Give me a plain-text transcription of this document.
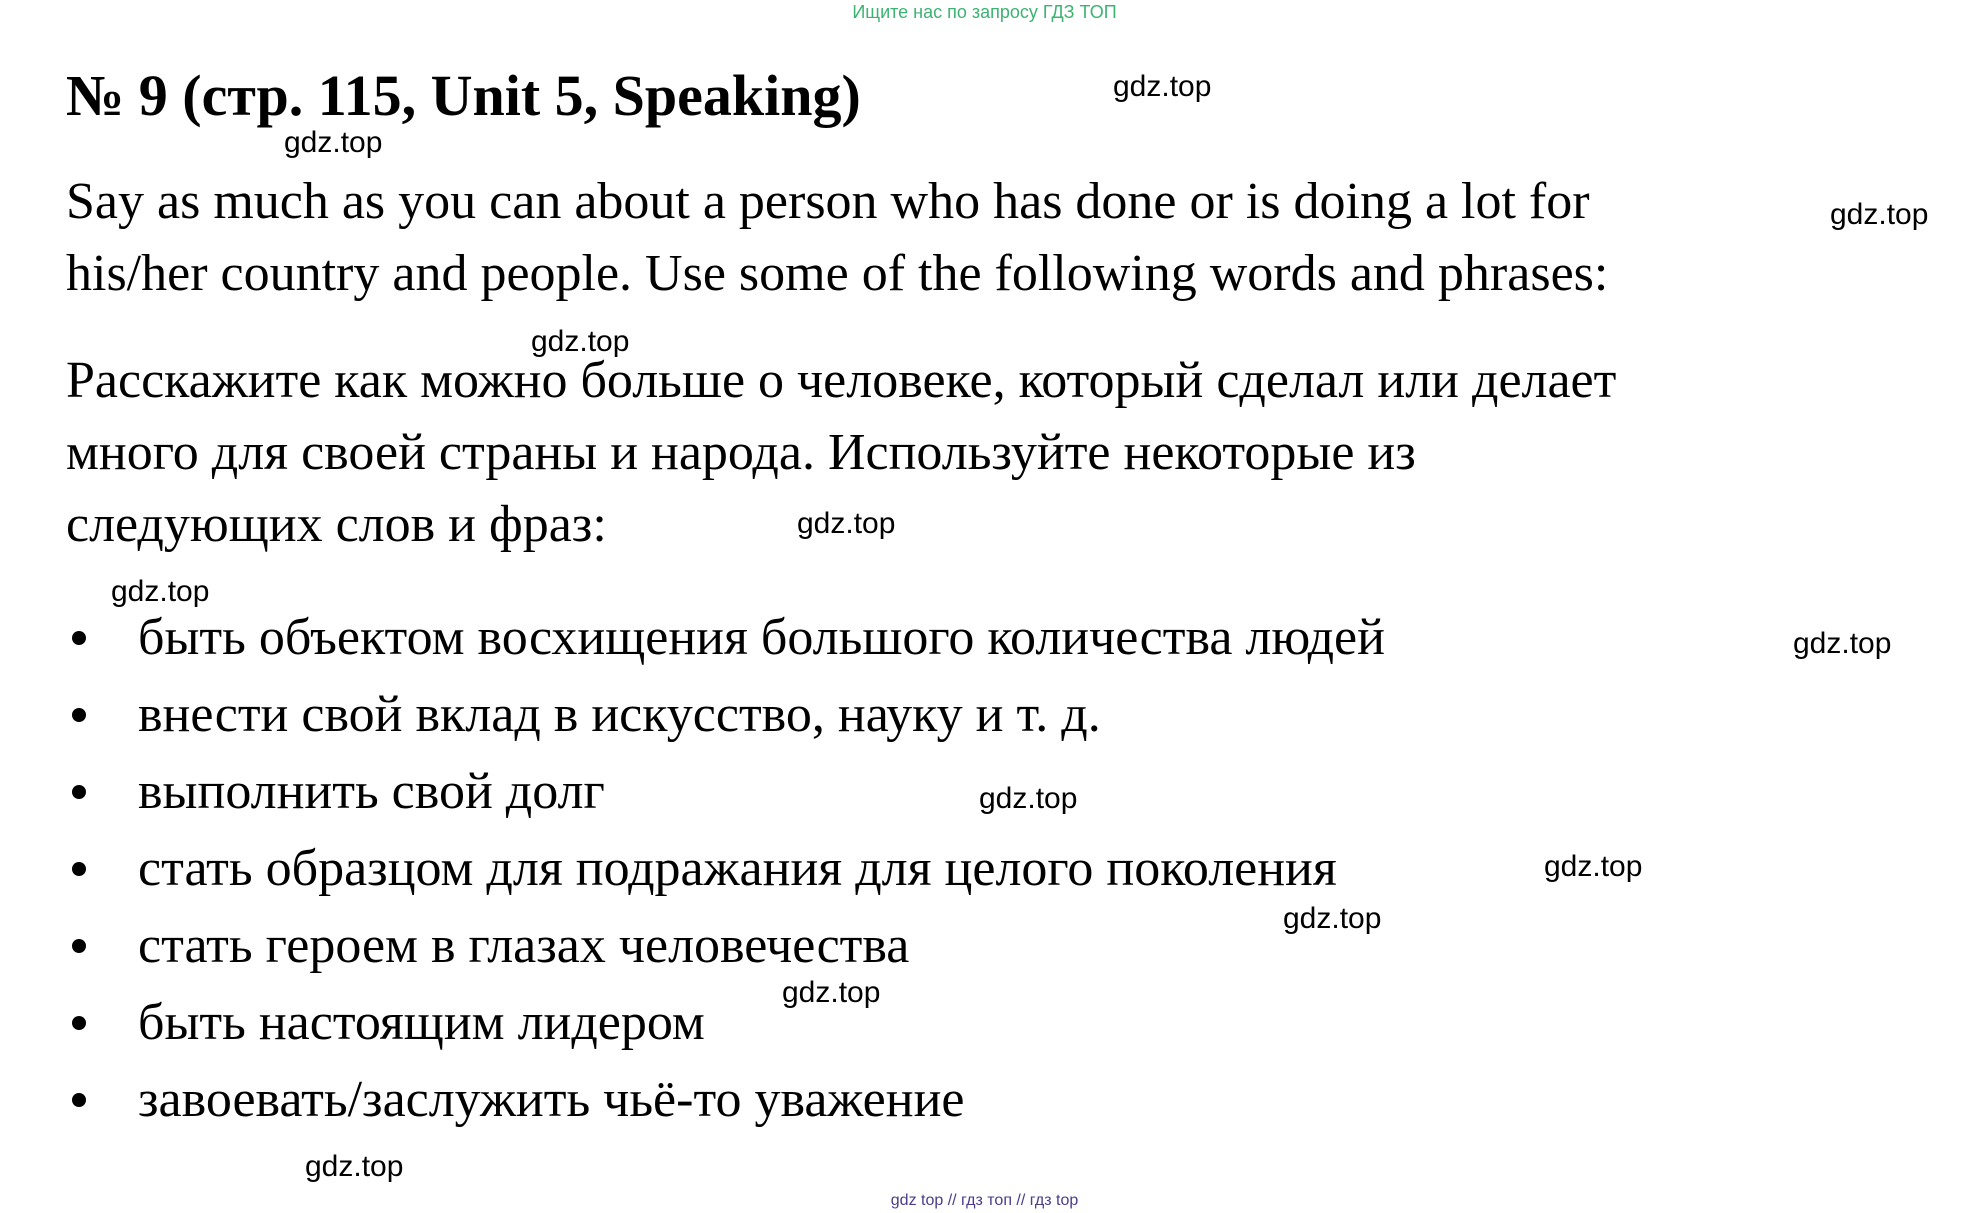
Ищите нас по запросу ГДЗ ТОП
№ 9 (стр. 115, Unit 5, Speaking)
Say as much as you can about a person who has done or is doing a lot for
his/her country and people. Use some of the following words and phrases:
Расскажите как можно больше о человеке, который сделал или делает
много для своей страны и народа. Используйте некоторые из
следующих слов и фраз:
быть объектом восхищения большого количества людей
внести свой вклад в искусство, науку и т. д.
выполнить свой долг
стать образцом для подражания для целого поколения
стать героем в глазах человечества
быть настоящим лидером
завоевать/заслужить чьё-то уважение
gdz.top
gdz.top
gdz.top
gdz.top
gdz.top
gdz.top
gdz.top
gdz.top
gdz.top
gdz.top
gdz.top
gdz.top
gdz top // гдз топ // гдз top
